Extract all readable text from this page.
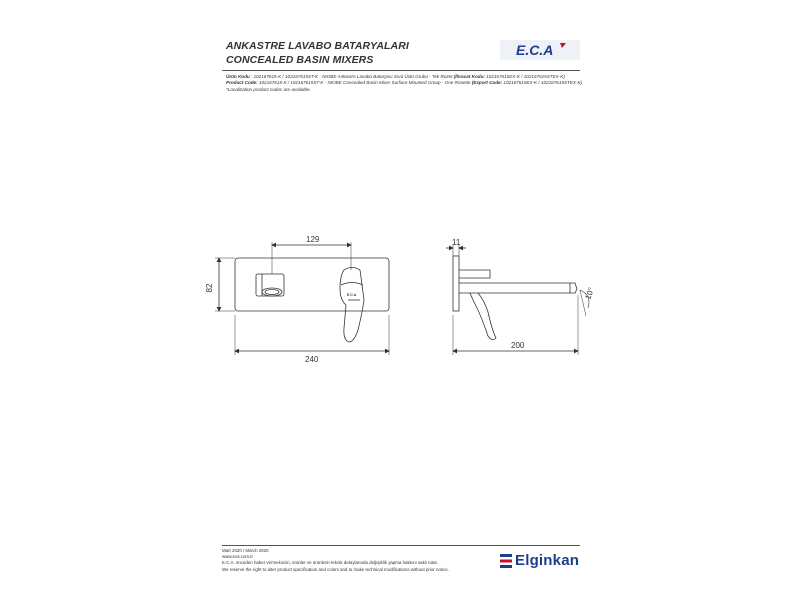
ANKASTRE LAVABO BATARYALARI
CONCEALED BASIN MIXERS
E.C.A
Ürün Kodu : 102167615-K / 102167615ST-K - NIOBE Ankastre Lavabo Bataryası Sıva Üstü Grubu - Tek Rozet (İhracat Kodu: 102167615EX-K / 102167615STEX-K)
Product Code: 102167615-K / 102167615ST-K - NIOBE Concealed Basin Mixer Surface Mounted Group - One Rosette (Export Code: 102167615EX-K / 102167615STEX-K)
*Localization product codes are available.
129
82
240
E.C.A
11
200
10°
Mart 2020 / March 2020
www.eca.com.tr
E.C.A. önceden haber vermeksizin, ürünler ve ürünlerin teknik detaylarında değişiklik yapma hakkını saklı tutar.
We reserve the right to alter product specification and colors and to make technical modifications without prior notice.
Elginkan
